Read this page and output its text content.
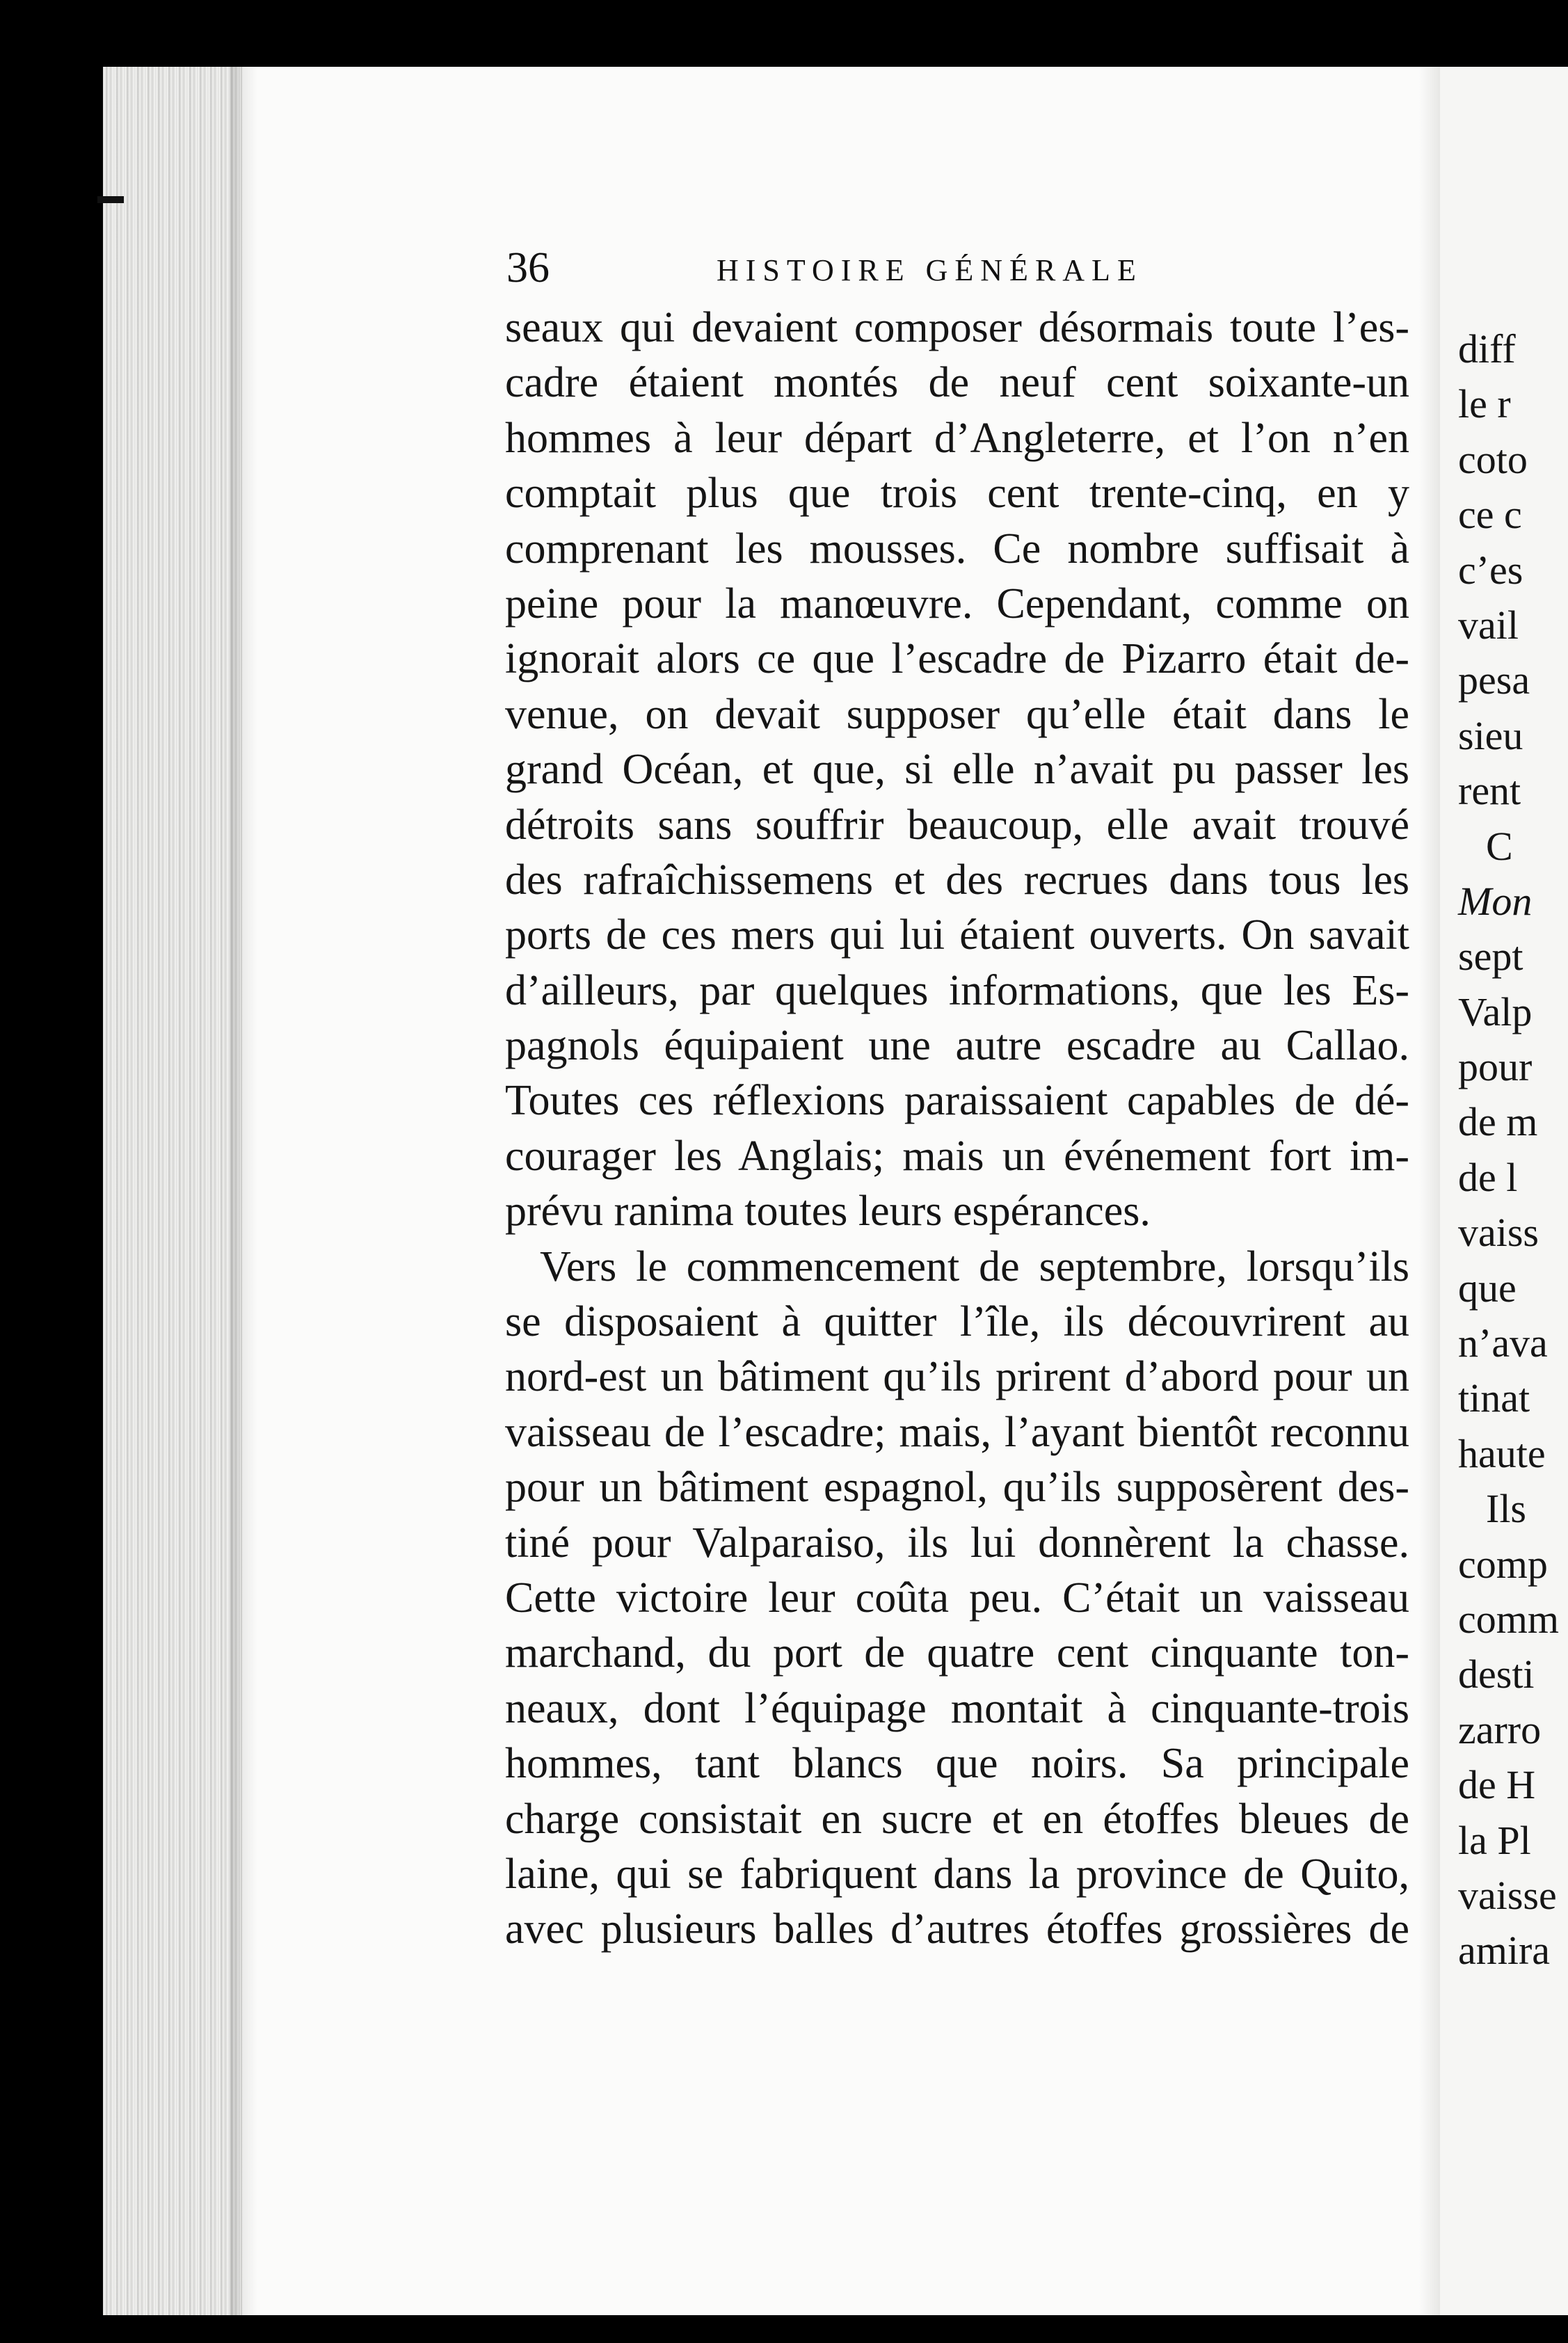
36	HISTOIRE GÉNÉRALE
seaux qui devaient composer désormais toute l’es-
cadre étaient montés de neuf cent soixante-un
hommes à leur départ d’Angleterre, et l’on n’en
comptait plus que trois cent trente-cinq, en y
comprenant les mousses. Ce nombre suffisait à
peine pour la manœuvre. Cependant, comme on
ignorait alors ce que l’escadre de Pizarro était de-
venue, on devait supposer qu’elle était dans le
grand Océan, et que, si elle n’avait pu passer les
détroits sans souffrir beaucoup, elle avait trouvé
des rafraîchissemens et des recrues dans tous les
ports de ces mers qui lui étaient ouverts. On savait
d’ailleurs, par quelques informations, que les Es-
pagnols équipaient une autre escadre au Callao.
Toutes ces réflexions paraissaient capables de dé-
courager les Anglais; mais un événement fort im-
prévu ranima toutes leurs espérances.
Vers le commencement de septembre, lorsqu’ils
se disposaient à quitter l’île, ils découvrirent au
nord-est un bâtiment qu’ils prirent d’abord pour un
vaisseau de l’escadre; mais, l’ayant bientôt reconnu
pour un bâtiment espagnol, qu’ils supposèrent des-
tiné pour Valparaiso, ils lui donnèrent la chasse.
Cette victoire leur coûta peu. C’était un vaisseau
marchand, du port de quatre cent cinquante ton-
neaux, dont l’équipage montait à cinquante-trois
hommes, tant blancs que noirs. Sa principale
charge consistait en sucre et en étoffes bleues de
laine, qui se fabriquent dans la province de Quito,
avec plusieurs balles d’autres étoffes grossières de
diff
le r
coto
ce c
c’es
vail
pesa
sieu
rent
C
Mon
sept
Valp
pour
de m
de l
vaiss
que
n’ava
tinat
haute
Ils
comp
comm
desti
zarro
de H
la Pl
vaisse
amira
